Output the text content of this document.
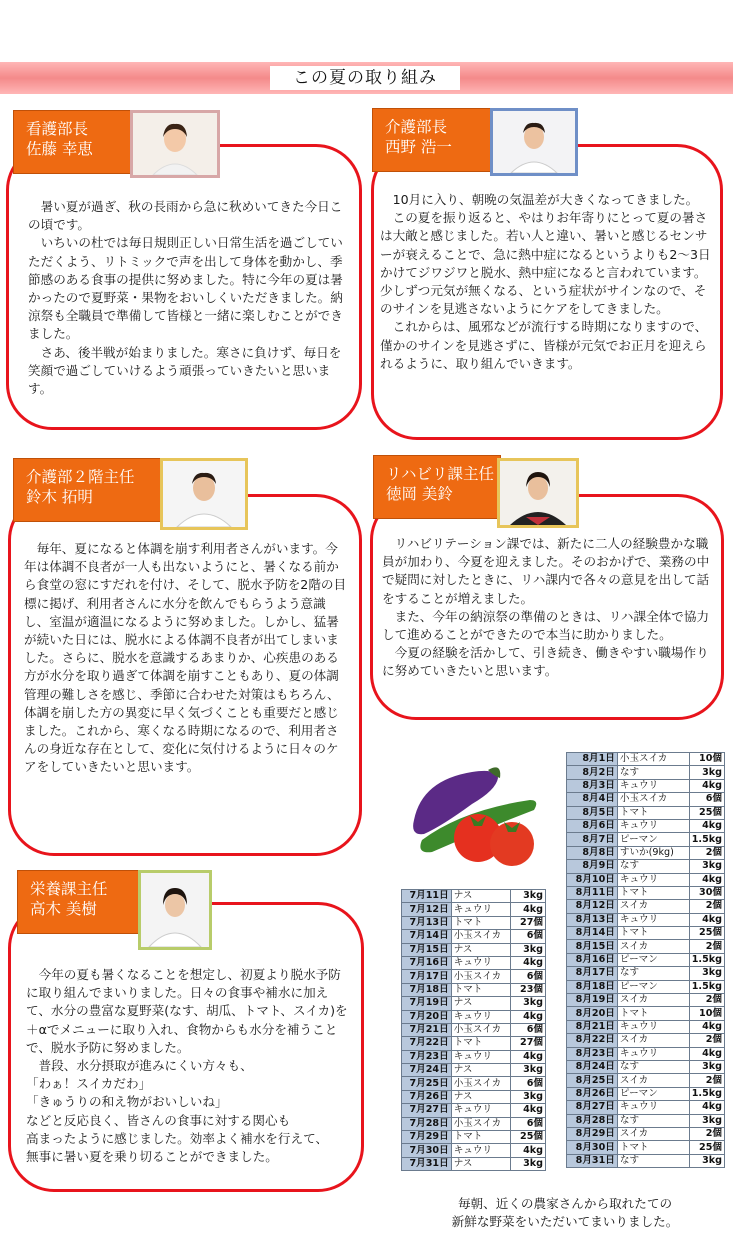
この夏の取り組み
看護部長
佐藤 幸恵
　暑い夏が過ぎ、秋の長雨から急に秋めいてきた今日この頃です。
　いちいの杜では毎日規則正しい日常生活を過ごしていただくよう、リトミックで声を出して身体を動かし、季節感のある食事の提供に努めました。特に今年の夏は暑かったので夏野菜・果物をおいしくいただきました。納涼祭も全職員で準備して皆様と一緒に楽しむことができました。
　さあ、後半戦が始まりました。寒さに負けず、毎日を笑顔で過ごしていけるよう頑張っていきたいと思います。
介護部長
西野 浩一
　10月に入り、朝晩の気温差が大きくなってきました。
　この夏を振り返ると、やはりお年寄りにとって夏の暑さは大敵と感じました。若い人と違い、暑いと感じるセンサーが衰えることで、急に熱中症になるというよりも2～3日かけてジワジワと脱水、熱中症になると言われています。少しずつ元気が無くなる、という症状がサインなので、そのサインを見逃さないようにケアをしてきました。
　これからは、風邪などが流行する時期になりますので、僅かのサインを見逃さずに、皆様が元気でお正月を迎えられるように、取り組んでいきます。
介護部２階主任
鈴木 拓明
　毎年、夏になると体調を崩す利用者さんがいます。今年は体調不良者が一人も出ないようにと、暑くなる前から食堂の窓にすだれを付け、そして、脱水予防を2階の目標に掲げ、利用者さんに水分を飲んでもらうよう意識し、室温が適温になるように努めました。しかし、猛暑が続いた日には、脱水による体調不良者が出てしまいました。さらに、脱水を意識するあまりか、心疾患のある方が水分を取り過ぎて体調を崩すこともあり、夏の体調管理の難しさを感じ、季節に合わせた対策はもちろん、体調を崩した方の異変に早く気づくことも重要だと感じました。これから、寒くなる時期になるので、利用者さんの身近な存在として、変化に気付けるように日々のケアをしていきたいと思います。
リハビリ課主任
徳岡 美鈴
　リハビリテーション課では、新たに二人の経験豊かな職員が加わり、今夏を迎えました。そのおかげで、業務の中で疑問に対したときに、リハ課内で各々の意見を出して話をすることが増えました。
　また、今年の納涼祭の準備のときは、リハ課全体で協力して進めることができたので本当に助かりました。
　今夏の経験を活かして、引き続き、働きやすい職場作りに努めていきたいと思います。
栄養課主任
高木 美樹
　今年の夏も暑くなることを想定し、初夏より脱水予防に取り組んでまいりました。日々の食事や補水に加えて、水分の豊富な夏野菜(なす、胡瓜、トマト、スイカ)を＋αでメニューに取り入れ、食物からも水分を補うことで、脱水予防に努めました。
　普段、水分摂取が進みにくい方々も、
「わぁ！スイカだわ」
「きゅうりの和え物がおいしいね」
などと反応良く、皆さんの食事に対する関心も
高まったように感じました。効率よく補水を行えて、
無事に暑い夏を乗り切ることができました。
7月11日	ナス	3kg
7月12日	キュウリ	4kg
7月13日	トマト	27個
7月14日	小玉スイカ	6個
7月15日	ナス	3kg
7月16日	キュウリ	4kg
7月17日	小玉スイカ	6個
7月18日	トマト	23個
7月19日	ナス	3kg
7月20日	キュウリ	4kg
7月21日	小玉スイカ	6個
7月22日	トマト	27個
7月23日	キュウリ	4kg
7月24日	ナス	3kg
7月25日	小玉スイカ	6個
7月26日	ナス	3kg
7月27日	キュウリ	4kg
7月28日	小玉スイカ	6個
7月29日	トマト	25個
7月30日	キュウリ	4kg
7月31日	ナス	3kg
8月1日	小玉スイカ	10個
8月2日	なす	3kg
8月3日	キュウリ	4kg
8月4日	小玉スイカ	6個
8月5日	トマト	25個
8月6日	キュウリ	4kg
8月7日	ピーマン	1.5kg
8月8日	すいか(9kg)	2個
8月9日	なす	3kg
8月10日	キュウリ	4kg
8月11日	トマト	30個
8月12日	スイカ	2個
8月13日	キュウリ	4kg
8月14日	トマト	25個
8月15日	スイカ	2個
8月16日	ピーマン	1.5kg
8月17日	なす	3kg
8月18日	ピーマン	1.5kg
8月19日	スイカ	2個
8月20日	トマト	10個
8月21日	キュウリ	4kg
8月22日	スイカ	2個
8月23日	キュウリ	4kg
8月24日	なす	3kg
8月25日	スイカ	2個
8月26日	ピーマン	1.5kg
8月27日	キュウリ	4kg
8月28日	なす	3kg
8月29日	スイカ	2個
8月30日	トマト	25個
8月31日	なす	3kg
毎朝、近くの農家さんから取れたての
新鮮な野菜をいただいてまいりました。
